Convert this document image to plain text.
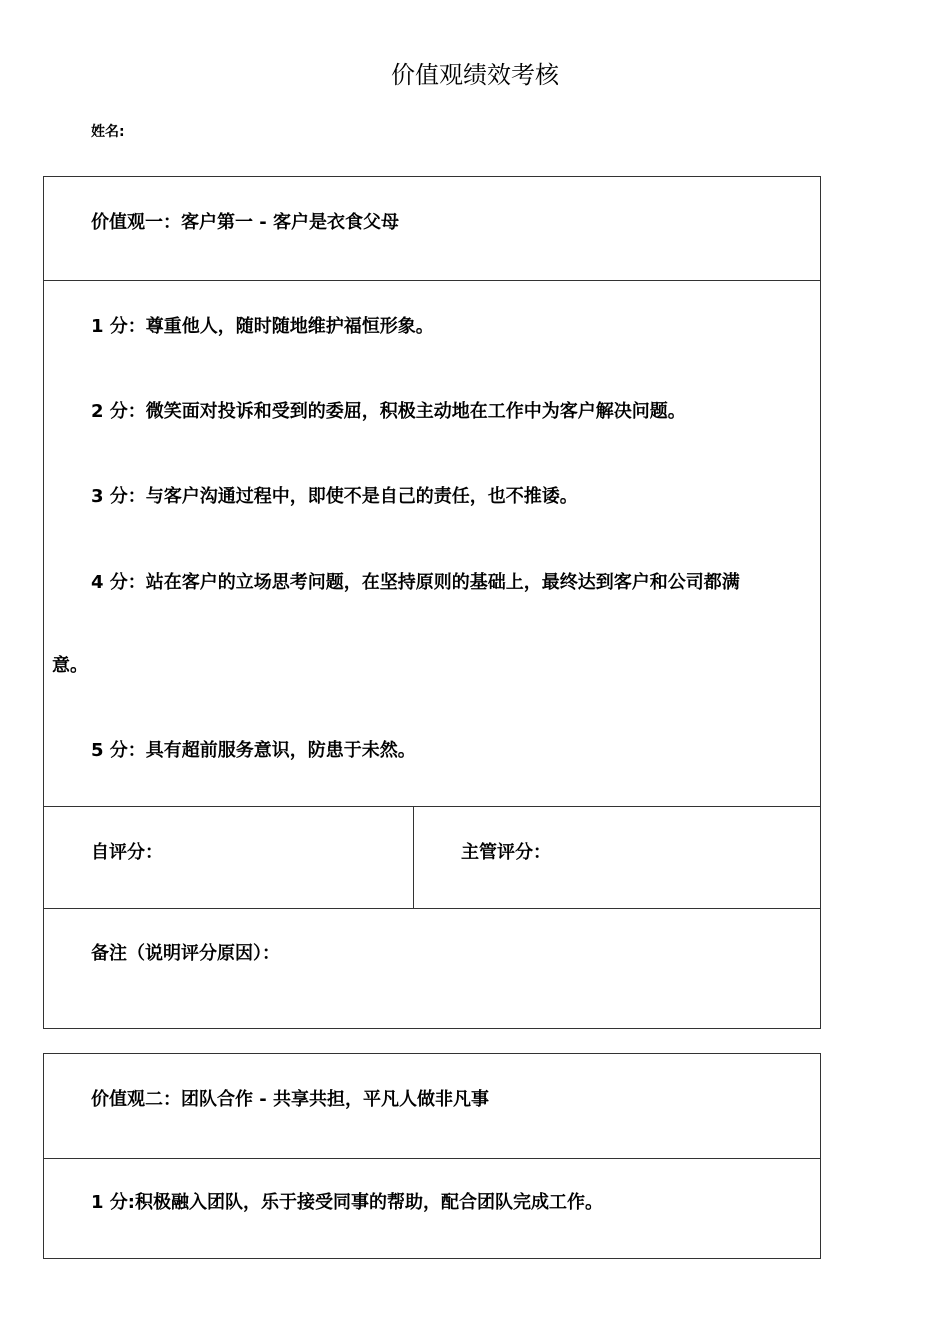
价值观绩效考核
姓名:
价值观一：客户第一 - 客户是衣食父母
1 分：尊重他人，随时随地维护福恒形象。
2 分：微笑面对投诉和受到的委屈，积极主动地在工作中为客户解决问题。
3 分：与客户沟通过程中，即使不是自己的责任，也不推诿。
4 分：站在客户的立场思考问题，在坚持原则的基础上，最终达到客户和公司都满
意。
5 分：具有超前服务意识，防患于未然。
自评分：	主管评分：
备注（说明评分原因）：
价值观二：团队合作 - 共享共担，平凡人做非凡事
1 分:积极融入团队，乐于接受同事的帮助，配合团队完成工作。
